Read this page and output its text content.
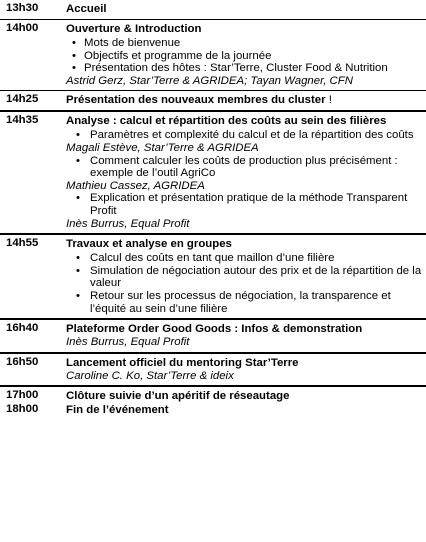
13h30	Accueil
14h00	Ouverture & Introduction
• Mots de bienvenue
• Objectifs et programme de la journée
• Présentation des hôtes : Star’Terre, Cluster Food & Nutrition
Astrid Gerz, Star’Terre & AGRIDEA; Tayan Wagner, CFN
14h25	Présentation des nouveaux membres du cluster !
14h35	Analyse : calcul et répartition des coûts au sein des filières
• Paramètres et complexité du calcul et de la répartition des coûts
Magali Estève, Star’Terre & AGRIDEA
• Comment calculer les coûts de production plus précisément : exemple de l’outil AgriCo
Mathieu Cassez, AGRIDEA
• Explication et présentation pratique de la méthode Transparent Profit
Inès Burrus, Equal Profit
14h55	Travaux et analyse en groupes
• Calcul des coûts en tant que maillon d’une filière
• Simulation de négociation autour des prix et de la répartition de la valeur
• Retour sur les processus de négociation, la transparence et l’équité au sein d’une filière
16h40	Plateforme Order Good Goods : Infos & demonstration
Inès Burrus, Equal Profit
16h50	Lancement officiel du mentoring Star’Terre
Caroline C. Ko, Star’Terre & ideix
17h00	Clôture suivie d’un apéritif de réseautage
18h00	Fin de l’événement
